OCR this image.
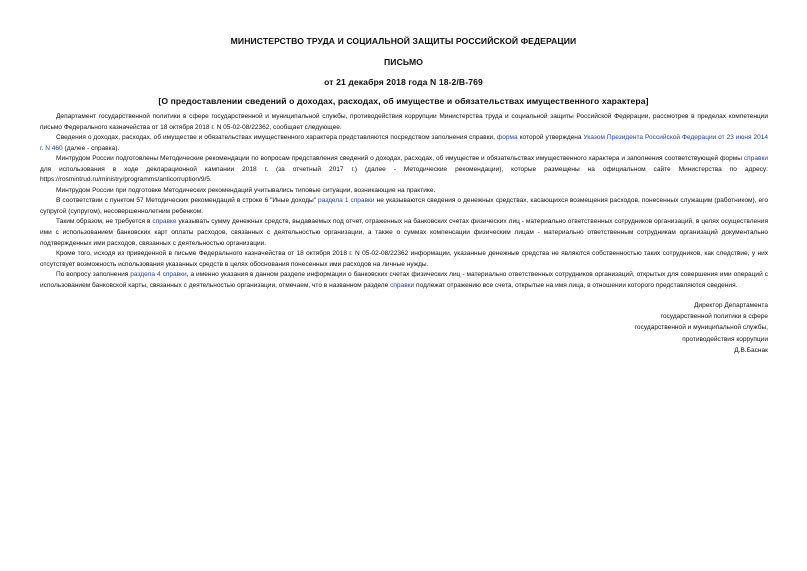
МИНИСТЕРСТВО ТРУДА И СОЦИАЛЬНОЙ ЗАЩИТЫ РОССИЙСКОЙ ФЕДЕРАЦИИ
ПИСЬМО
от 21 декабря 2018 года N 18-2/В-769
[О предоставлении сведений о доходах, расходах, об имуществе и обязательствах имущественного характера]

Департамент государственной политики в сфере государственной и муниципальной службы, противодействия коррупции Министерства труда и социальной защиты Российской Федерации, рассмотрев в пределах компетенции письмо Федерального казначейства от 18 октября 2018 г. N 05-02-08/22362, сообщает следующее.

Сведения о доходах, расходах, об имуществе и обязательствах имущественного характера представляются посредством заполнения справки, форма которой утверждена Указом Президента Российской Федерации от 23 июня 2014 г. N 460 (далее - справка).

Минтрудом России подготовлены Методические рекомендации по вопросам представления сведений о доходах, расходах, об имуществе и обязательствах имущественного характера и заполнения соответствующей формы справки для использования в ходе декларационной кампании 2018 г. (за отчетный 2017 г.) (далее - Методические рекомендации), которые размещены на официальном сайте Министерства по адресу: https://rosmintrud.ru/ministry/programms/anticorruption/9/5.

Минтрудом России при подготовке Методических рекомендаций учитывались типовые ситуации, возникающие на практике.

В соответствии с пунктом 57 Методических рекомендаций в строке 6 "Иные доходы" раздела 1 справки не указываются сведения о денежных средствах, касающихся возмещения расходов, понесенных служащим (работником), его супругой (супругом), несовершеннолетним ребенком.

Таким образом, не требуется в справке указывать сумму денежных средств, выдаваемых под отчет, отраженных на банковских счетах физических лиц - материально ответственных сотрудников организаций, в целях осуществления ими с использованием банковских карт оплаты расходов, связанных с деятельностью организации, а также о суммах компенсации физическим лицам - материально ответственным сотрудникам организаций документально подтвержденных ими расходов, связанных с деятельностью организации.

Кроме того, исходя из приведенной в письме Федерального казначейства от 18 октября 2018 г. N 05-02-08/22362 информации, указанные денежные средства не являются собственностью таких сотрудников, как следствие, у них отсутствует возможность использования указанных средств в целях обоснования понесенных ими расходов на личные нужды.

По вопросу заполнения раздела 4 справки, а именно указания в данном разделе информации о банковских счетах физических лиц - материально ответственных сотрудников организаций, открытых для совершения ими операций с использованием банковской карты, связанных с деятельностью организации, отмечаем, что в названном разделе справки подлежат отражению все счета, открытые на имя лица, в отношении которого представляются сведения.

Директор Департамента
государственной политики в сфере
государственной и муниципальной службы,
противодействия коррупции
Д.В.Баснак
